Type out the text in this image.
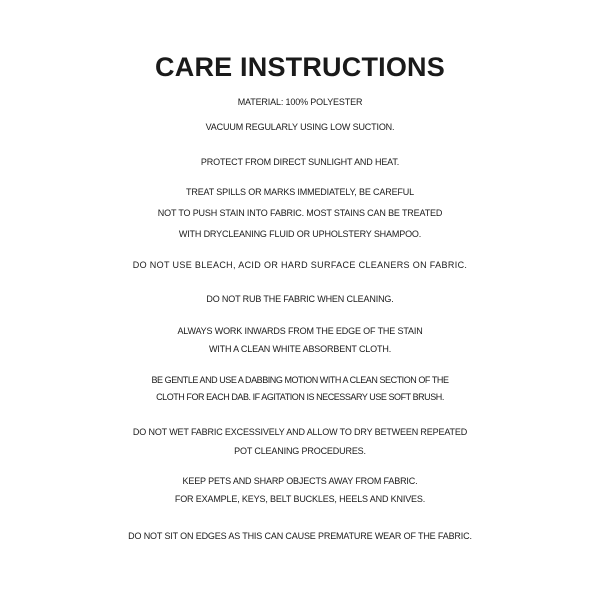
CARE INSTRUCTIONS
MATERIAL: 100% POLYESTER
VACUUM REGULARLY USING LOW SUCTION.
PROTECT FROM DIRECT SUNLIGHT AND HEAT.
TREAT SPILLS OR MARKS IMMEDIATELY, BE CAREFUL
NOT TO PUSH STAIN INTO FABRIC. MOST STAINS CAN BE TREATED
WITH DRYCLEANING FLUID OR UPHOLSTERY SHAMPOO.
DO NOT USE BLEACH, ACID OR HARD SURFACE CLEANERS ON FABRIC.
DO NOT RUB THE FABRIC WHEN CLEANING.
ALWAYS WORK INWARDS FROM THE EDGE OF THE STAIN
WITH A CLEAN WHITE ABSORBENT CLOTH.
BE GENTLE AND USE A DABBING MOTION WITH A CLEAN SECTION OF THE
CLOTH FOR EACH DAB. IF AGITATION IS NECESSARY USE SOFT BRUSH.
DO NOT WET FABRIC EXCESSIVELY AND ALLOW TO DRY BETWEEN REPEATED
POT CLEANING PROCEDURES.
KEEP PETS AND SHARP OBJECTS AWAY FROM FABRIC.
FOR EXAMPLE, KEYS, BELT BUCKLES, HEELS AND KNIVES.
DO NOT SIT ON EDGES AS THIS CAN CAUSE PREMATURE WEAR OF THE FABRIC.
